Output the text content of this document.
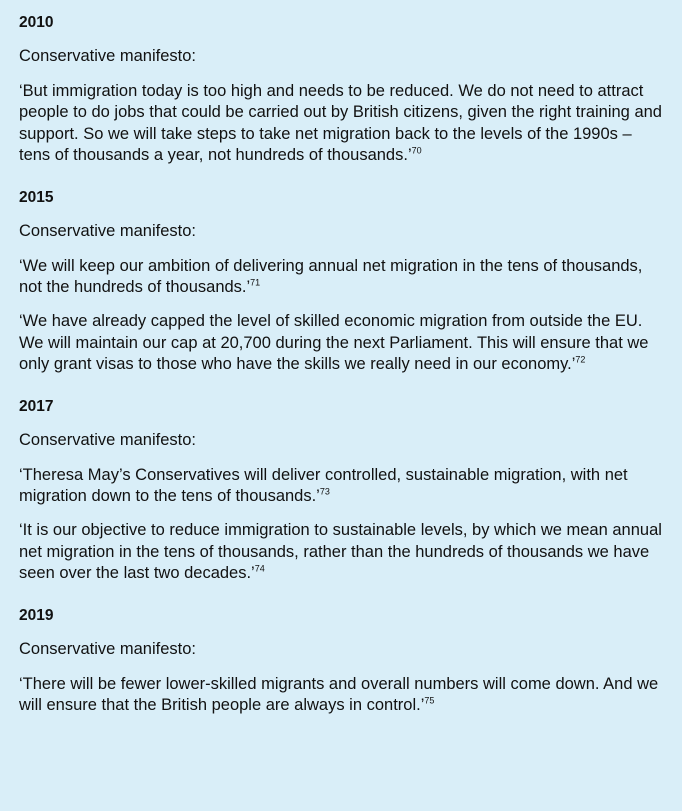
2010
Conservative manifesto:

‘But immigration today is too high and needs to be reduced. We do not need to attract people to do jobs that could be carried out by British citizens, given the right training and support. So we will take steps to take net migration back to the levels of the 1990s – tens of thousands a year, not hundreds of thousands.’$^{70}$

2015
Conservative manifesto:

‘We will keep our ambition of delivering annual net migration in the tens of thousands, not the hundreds of thousands.’$^{71}$

‘We have already capped the level of skilled economic migration from outside the EU. We will maintain our cap at 20,700 during the next Parliament. This will ensure that we only grant visas to those who have the skills we really need in our economy.’$^{72}$

2017
Conservative manifesto:

‘Theresa May’s Conservatives will deliver controlled, sustainable migration, with net migration down to the tens of thousands.’$^{73}$

‘It is our objective to reduce immigration to sustainable levels, by which we mean annual net migration in the tens of thousands, rather than the hundreds of thousands we have seen over the last two decades.’$^{74}$

2019
Conservative manifesto:

‘There will be fewer lower-skilled migrants and overall numbers will come down. And we will ensure that the British people are always in control.’$^{75}$
